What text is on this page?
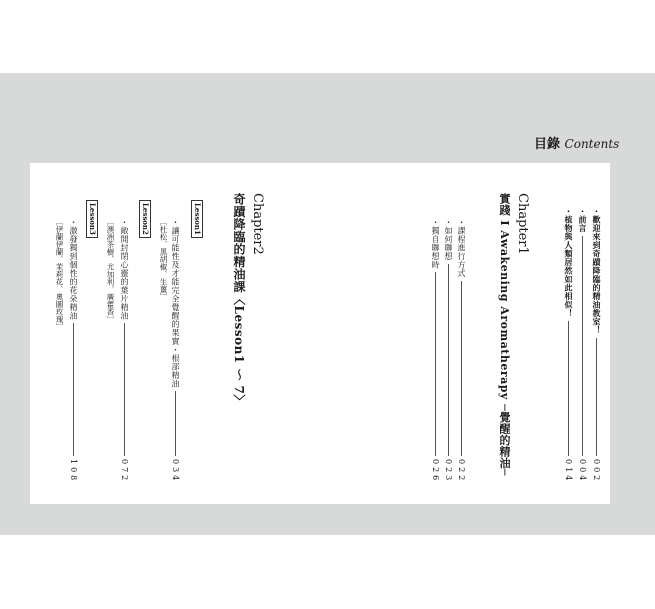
目錄 Contents
・歡迎來到奇蹟降臨的精油教室！
002
・前言
004
・植物與人類居然如此相似！
014
Chapter1
實踐 I Awakening Aromatherapy ─覺醒的精油─
・課程進行方式
022
・如何聯想
023
・獨自聯想時
026
Chapter2
奇蹟降臨的精油課〈Lesson1 ～ 7〉
Lesson1
・讓可能性及才能完全覺醒的果實・根部精油
034
［杜松、黑胡椒、生薑］
Lesson2
・敞開封閉心靈的葉片精油
072
［澳洲茶樹、尤加利、廣藿香］
Lesson3
・激發獨到個性的花朵精油
108
［伊蘭伊蘭、茉莉花、奧圖玫瑰］
